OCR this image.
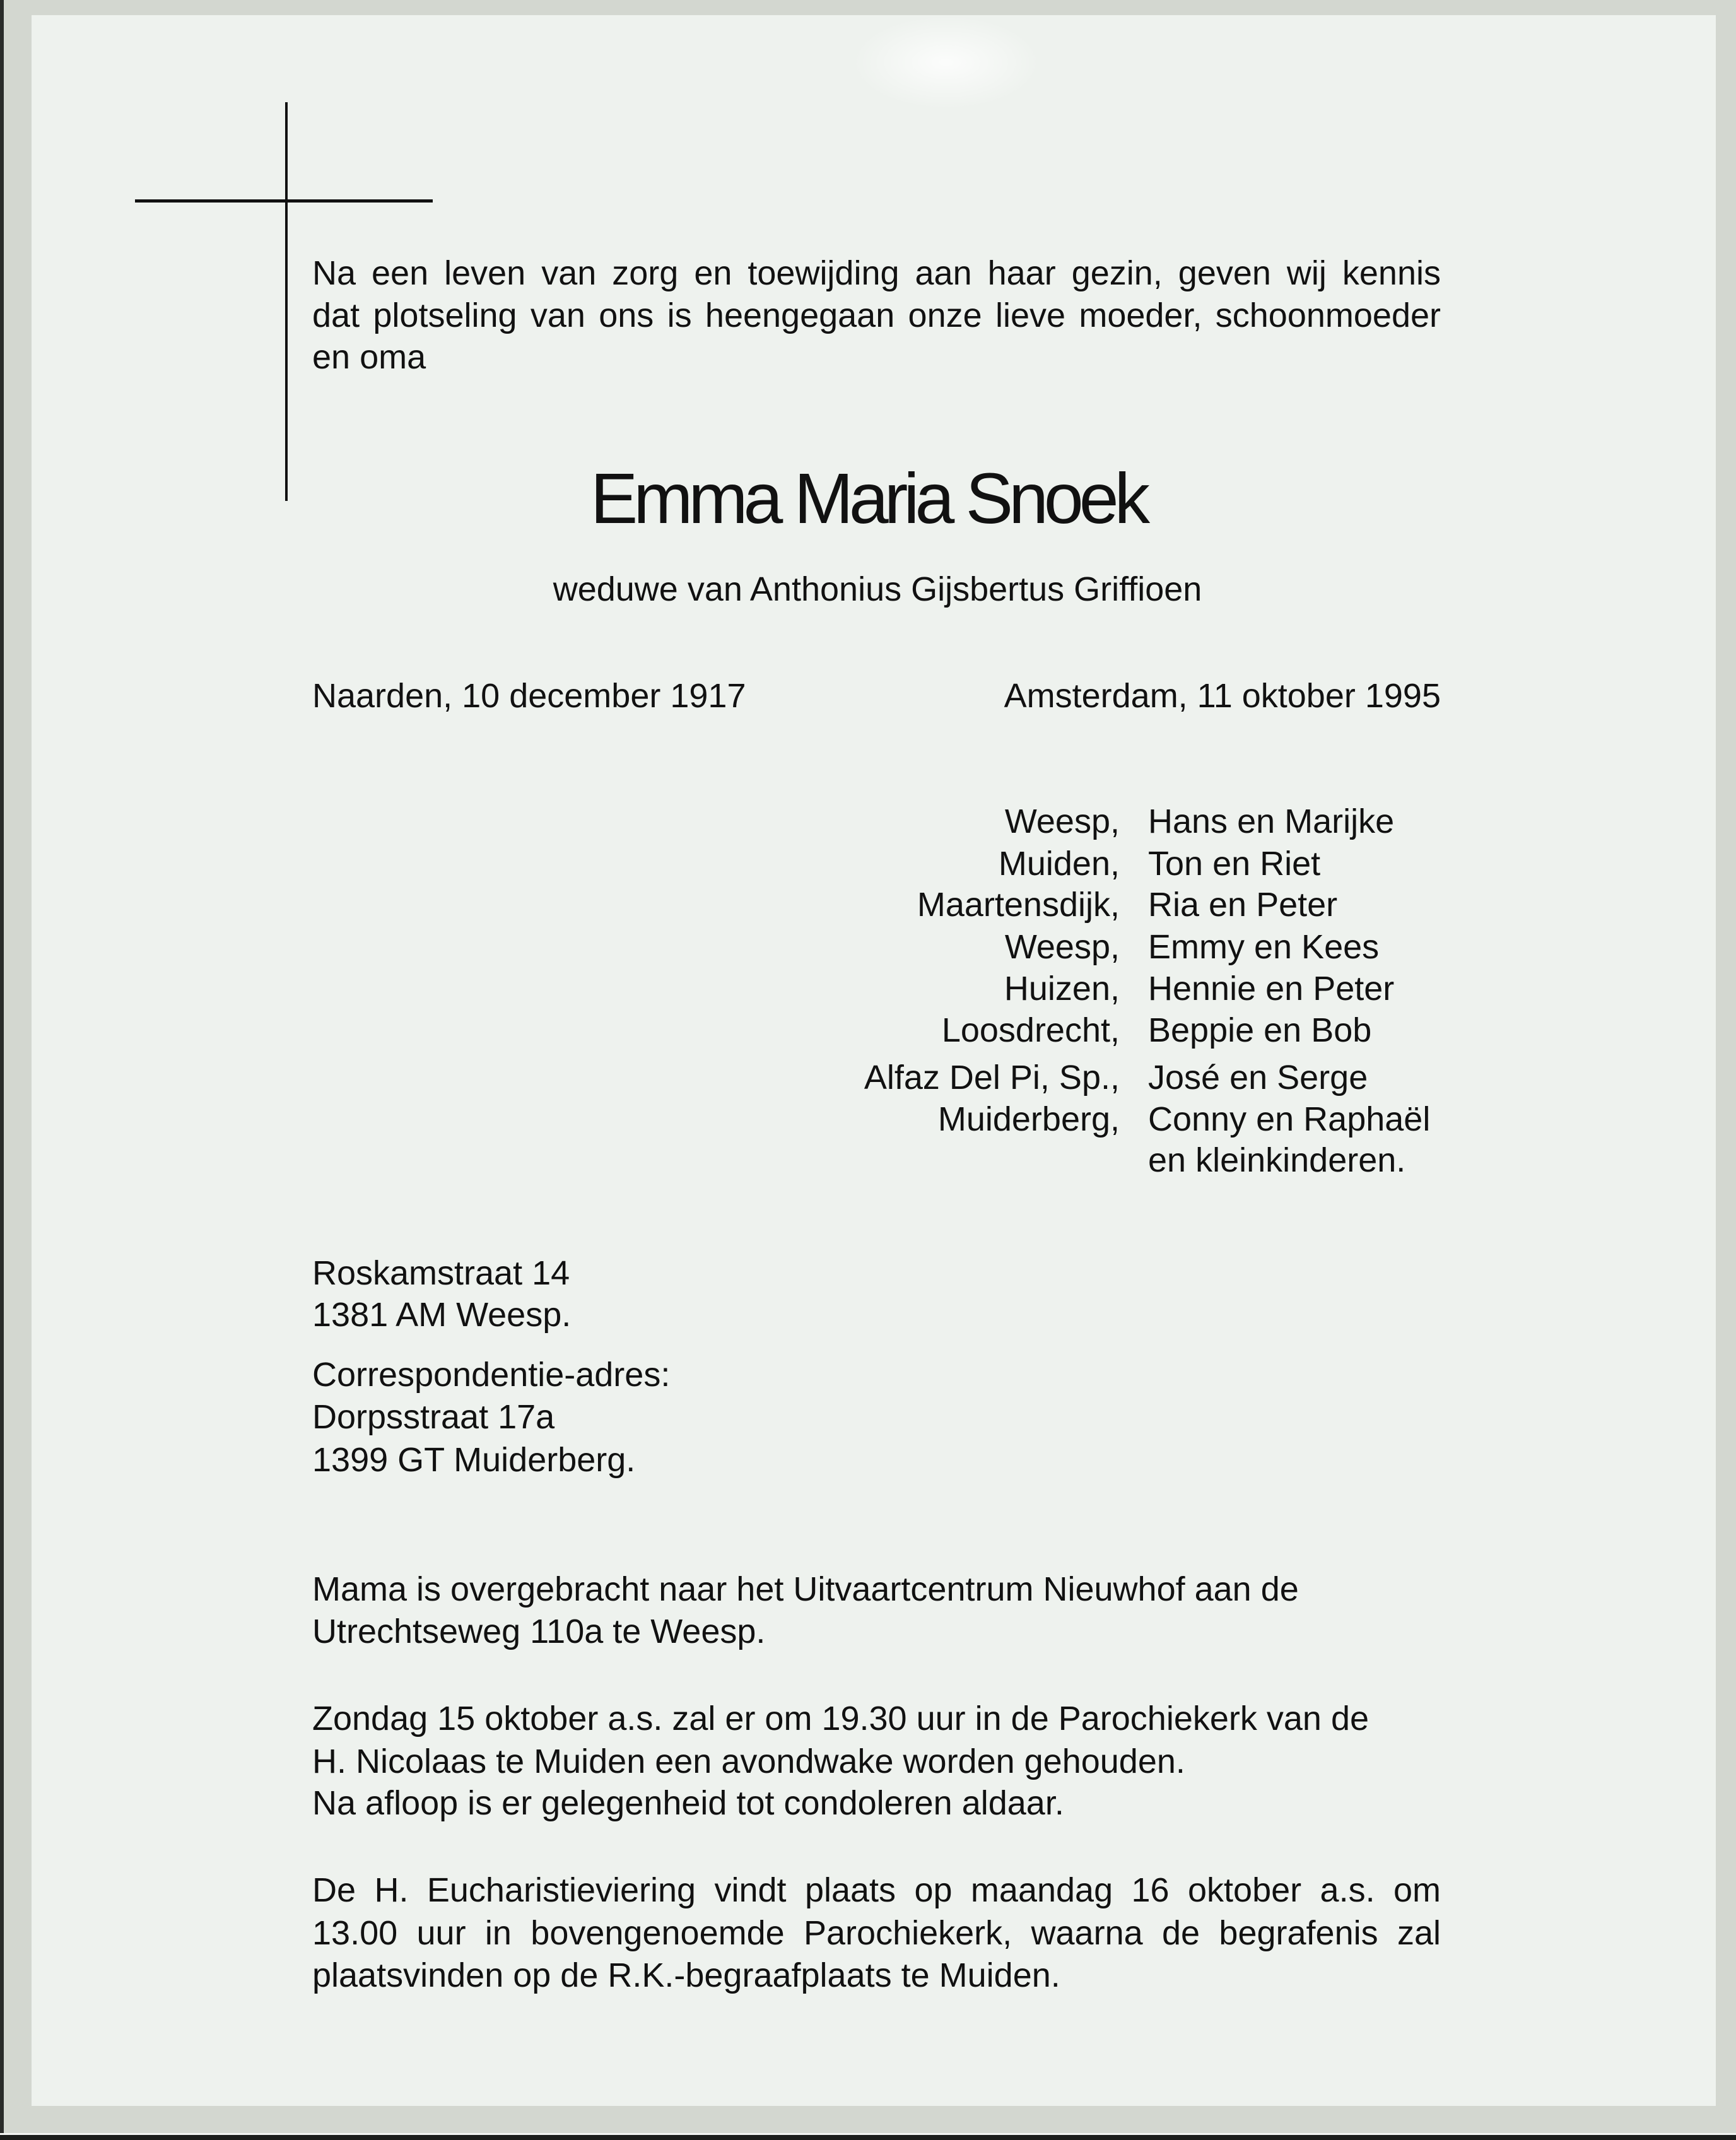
Na een leven van zorg en toewijding aan haar gezin, geven wij kennis
dat plotseling van ons is heengegaan onze lieve moeder, schoonmoeder
en oma
Emma Maria Snoek
weduwe van Anthonius Gijsbertus Griffioen
Naarden, 10 december 1917	Amsterdam, 11 oktober 1995
Weesp, Hans en Marijke
Muiden, Ton en Riet
Maartensdijk, Ria en Peter
Weesp, Emmy en Kees
Huizen, Hennie en Peter
Loosdrecht, Beppie en Bob
Alfaz Del Pi, Sp., José en Serge
Muiderberg, Conny en Raphaël
en kleinkinderen.
Roskamstraat 14
1381 AM Weesp.
Correspondentie-adres:
Dorpsstraat 17a
1399 GT Muiderberg.
Mama is overgebracht naar het Uitvaartcentrum Nieuwhof aan de
Utrechtseweg 110a te Weesp.
Zondag 15 oktober a.s. zal er om 19.30 uur in de Parochiekerk van de
H. Nicolaas te Muiden een avondwake worden gehouden.
Na afloop is er gelegenheid tot condoleren aldaar.
De H. Eucharistieviering vindt plaats op maandag 16 oktober a.s. om
13.00 uur in bovengenoemde Parochiekerk, waarna de begrafenis zal
plaatsvinden op de R.K.-begraafplaats te Muiden.
